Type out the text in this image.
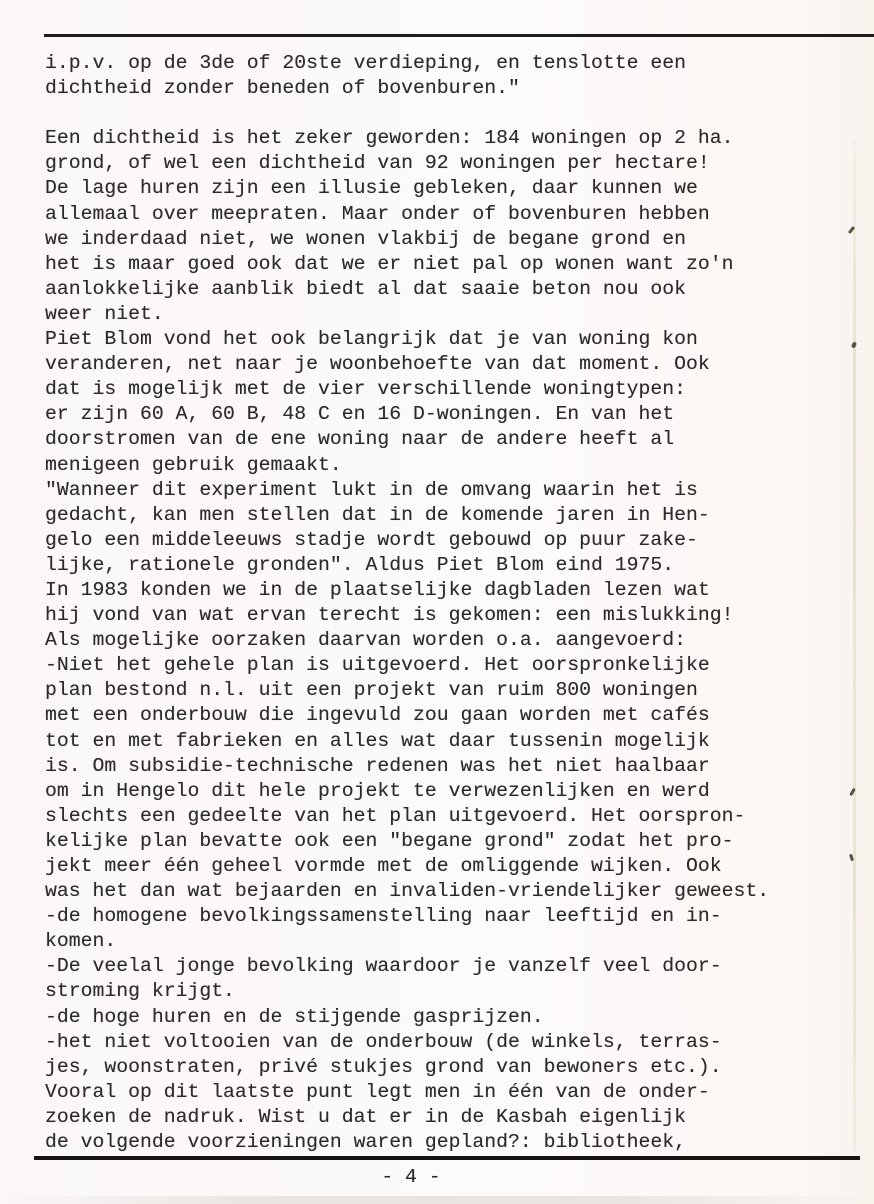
i.p.v. op de 3de of 20ste verdieping, en tenslotte een
dichtheid zonder beneden of bovenburen."

Een dichtheid is het zeker geworden: 184 woningen op 2 ha.
grond, of wel een dichtheid van 92 woningen per hectare!
De lage huren zijn een illusie gebleken, daar kunnen we
allemaal over meepraten. Maar onder of bovenburen hebben
we inderdaad niet, we wonen vlakbij de begane grond en
het is maar goed ook dat we er niet pal op wonen want zo'n
aanlokkelijke aanblik biedt al dat saaie beton nou ook
weer niet.
Piet Blom vond het ook belangrijk dat je van woning kon
veranderen, net naar je woonbehoefte van dat moment. Ook
dat is mogelijk met de vier verschillende woningtypen:
er zijn 60 A, 60 B, 48 C en 16 D-woningen. En van het
doorstromen van de ene woning naar de andere heeft al
menigeen gebruik gemaakt.
"Wanneer dit experiment lukt in de omvang waarin het is
gedacht, kan men stellen dat in de komende jaren in Hen-
gelo een middeleeuws stadje wordt gebouwd op puur zake-
lijke, rationele gronden". Aldus Piet Blom eind 1975.
In 1983 konden we in de plaatselijke dagbladen lezen wat
hij vond van wat ervan terecht is gekomen: een mislukking!
Als mogelijke oorzaken daarvan worden o.a. aangevoerd:
-Niet het gehele plan is uitgevoerd. Het oorspronkelijke
plan bestond n.l. uit een projekt van ruim 800 woningen
met een onderbouw die ingevuld zou gaan worden met cafés
tot en met fabrieken en alles wat daar tussenin mogelijk
is. Om subsidie-technische redenen was het niet haalbaar
om in Hengelo dit hele projekt te verwezenlijken en werd
slechts een gedeelte van het plan uitgevoerd. Het oorspron-
kelijke plan bevatte ook een "begane grond" zodat het pro-
jekt meer één geheel vormde met de omliggende wijken. Ook
was het dan wat bejaarden en invaliden-vriendelijker geweest.
-de homogene bevolkingssamenstelling naar leeftijd en in-
komen.
-De veelal jonge bevolking waardoor je vanzelf veel door-
stroming krijgt.
-de hoge huren en de stijgende gasprijzen.
-het niet voltooien van de onderbouw (de winkels, terras-
jes, woonstraten, privé stukjes grond van bewoners etc.).
Vooral op dit laatste punt legt men in één van de onder-
zoeken de nadruk. Wist u dat er in de Kasbah eigenlijk
de volgende voorzieningen waren gepland?: bibliotheek,
- 4 -
